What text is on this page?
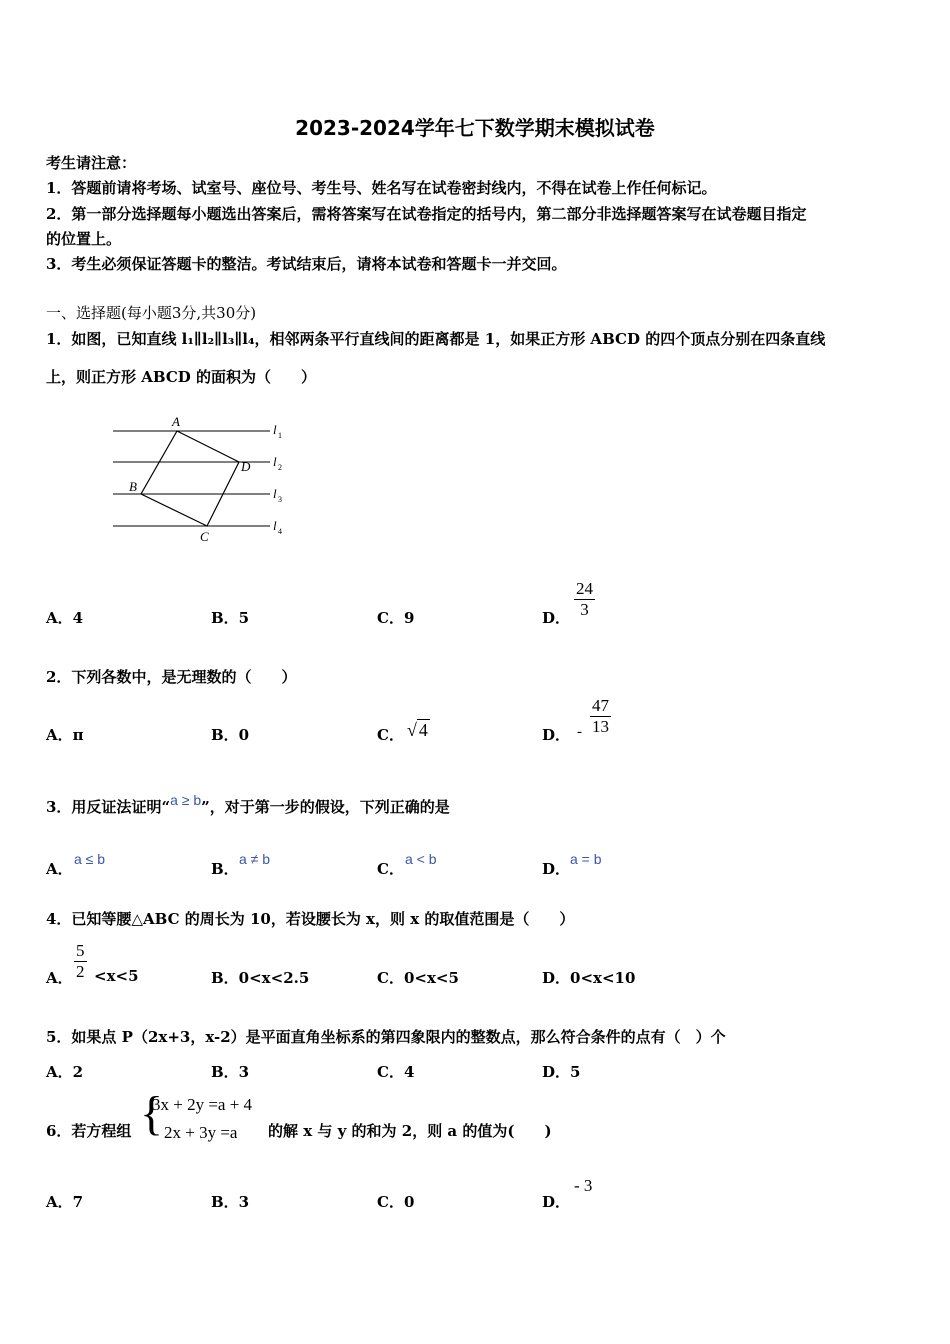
2023-2024学年七下数学期末模拟试卷
考生请注意：
1．答题前请将考场、试室号、座位号、考生号、姓名写在试卷密封线内，不得在试卷上作任何标记。
2．第一部分选择题每小题选出答案后，需将答案写在试卷指定的括号内，第二部分非选择题答案写在试卷题目指定
的位置上。
3．考生必须保证答题卡的整洁。考试结束后，请将本试卷和答题卡一并交回。
一、选择题(每小题3分,共30分)
1．如图，已知直线 l₁∥l₂∥l₃∥l₄，相邻两条平行直线间的距离都是 1，如果正方形 ABCD 的四个顶点分别在四条直线
上，则正方形 ABCD 的面积为（　　）
A
D
B
C
l 1
l 2
l 3
l 4
A．4	B．5	C．9	D． $\frac{24}{3}$
2．下列各数中，是无理数的（　　）
A．π	B．0	C． √ 4	D． - $\frac{47}{13}$
3．用反证法证明“a ≥ b”，对于第一步的假设，下列正确的是
A．
a ≤ b
B．
a ≠ b
C．
a < b
D．
a = b
4．已知等腰△ABC 的周长为 10，若设腰长为 x，则 x 的取值范围是（　　）
A． $\frac{5}{2} <x<5$	B．0<x<2.5	C．0<x<5	D．0<x<10
5．如果点 P（2x+3，x-2）是平面直角坐标系的第四象限内的整数点，那么符合条件的点有（　）个
A．2	B．3	C．4	D．5
6．若方程组 {
3x + 2y =a + 4
2x + 3y =a	的解 x 与 y 的和为 2，则 a 的值为(　　)
A．7	B．3	C．0	D．
- 3
